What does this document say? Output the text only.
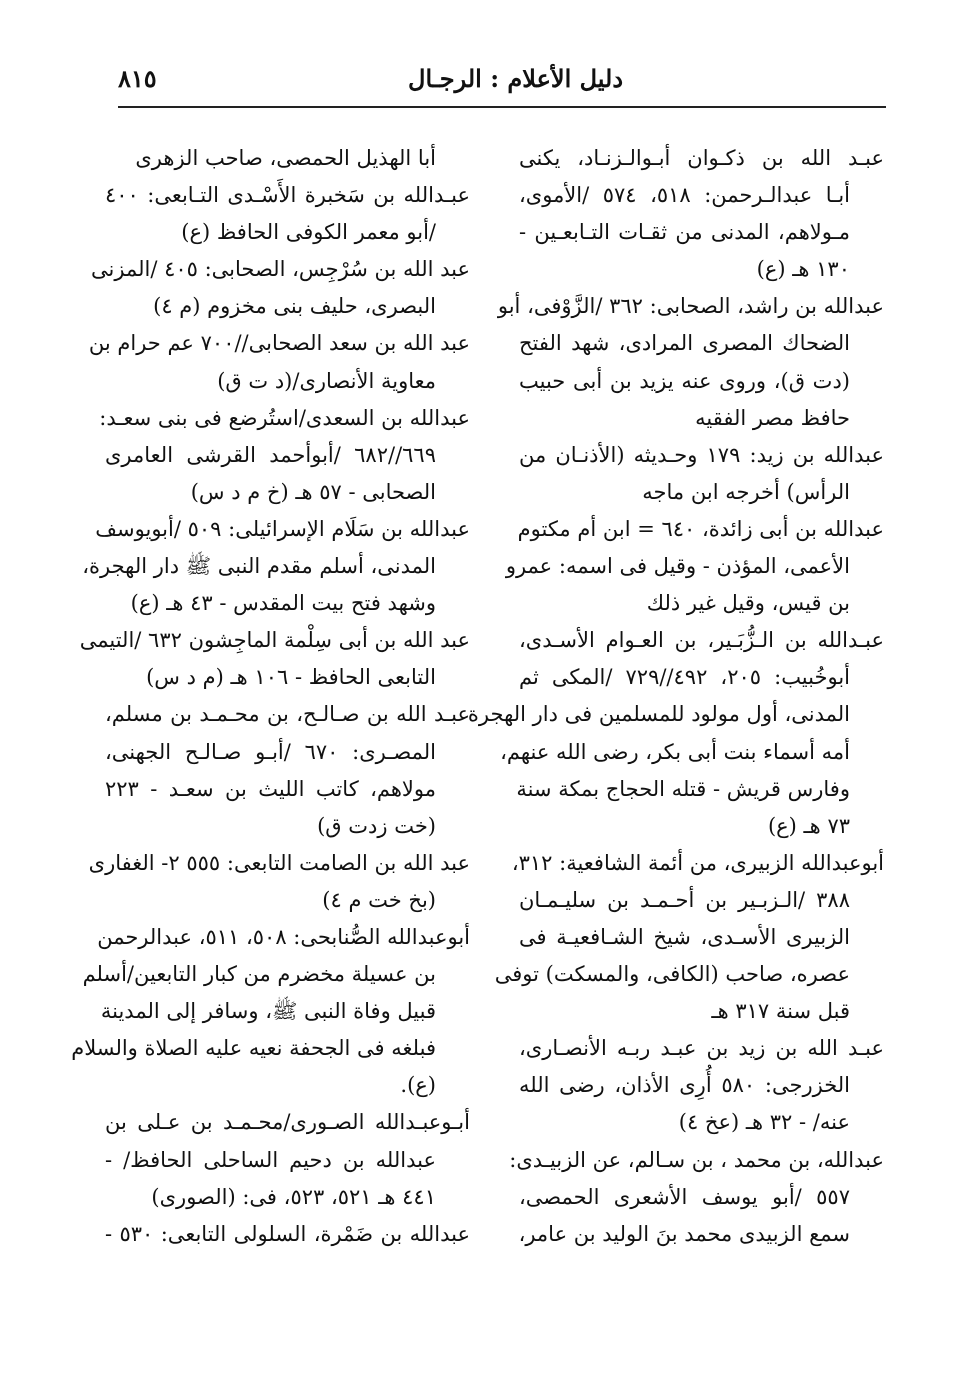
٨١٥	دليل الأعلام : الرجـال
عبـد الله بن ذكـوان أبـوالـزنـاد، يكنى
أبـا عبدالـرحمن: ٥١٨، ٥٧٤ /الأموى،
مـولاهم، المدنى من ثقـات التـابعـين -
١٣٠ هـ (ع)
عبدالله بن راشد، الصحابى: ٣٦٢ /الزَّوْفى، أبو
الضحاك المصرى المرادى، شهد الفتح
(دت ق)، وروى عنه يزيد بن أبى حبيب
حافظ مصر الفقيه
عبدالله بن زيد: ١٧٩ وحـديثه (الأذنـان من
الرأس) أخرجه ابن ماجه
عبدالله بن أبى زائدة، ٦٤٠ = ابن أم مكتوم
الأعمى، المؤذن - وقيل فى اسمه: عمرو
بن قيس، وقيل غير ذلك
عبـدالله بن الـزُّبَـير، بن العـوام الأسـدى،
أبوخُبيب: ٢٠٥، ٤٩٢//٧٢٩ /المكى ثم
المدنى، أول مولود للمسلمين فى دار الهجرة
أمه أسماء بنت أبى بكر، رضى الله عنهم،
وفارس قريش - قتله الحجاج بمكة سنة
٧٣ هـ (ع)
أبوعبدالله الزبيرى، من أئمة الشافعية: ٣١٢،
٣٨٨ /الـزبـير بن أحـمـد بن سليـمـان
الزبيرى الأسـدى، شيخ الشـافعيـة فى
عصره، صاحب (الكافى، والمسكت) توفى
قبل سنة ٣١٧ هـ
عبـد الله بن زيد بن عبـد ربـه الأنصـارى،
الخزرجى: ٥٨٠ أُرِى الأذان، رضى الله
عنه/ - ٣٢ هـ (عخ ٤)
عبدالله، بن محمد ، بن سـالم، عن الزبيـدى:
٥٥٧ /أبو يوسف الأشعرى الحمصى،
سمع الزبيدى محمد بنَ الوليد بن عامر،
أبا الهذيل الحمصى، صاحب الزهرى
عبـدالله بن سَخبرة الأَسْـدى التـابعى: ٤٠٠
/أبو معمر الكوفى الحافظ (ع)
عبد الله بن سُرْجِس، الصحابى: ٤٠٥ /المزنى
البصرى، حليف بنى مخزوم (م ٤)
عبد الله بن سعد الصحابى//٧٠٠ عم حرام بن
معاوية الأنصارى/(د ت ق)
عبدالله بن السعدى/استُرضع فى بنى سعـد:
٦٦٩//٦٨٢ /أبوأحمد القرشى العامرى
الصحابى - ٥٧ هـ (خ م د س)
عبدالله بن سَلَام الإسرائيلى: ٥٠٩ /أبويوسف
المدنى، أسلم مقدم النبى ﷺ دار الهجرة،
وشهد فتح بيت المقدس - ٤٣ هـ (ع)
عبد الله بن أبى سِلْمة الماجِشون ٦٣٢ /التيمى
التابعى الحافظ - ١٠٦ هـ (م د س)
عبـد الله بن صـالـح، بن محـمـد بن مسلم،
المصـرى: ٦٧٠ /أبـو صـالـح الجهنى،
مولاهم، كاتب الليث بن سعـد - ٢٢٣
(خت زدت ق)
عبد الله بن الصامت التابعى: ٥٥٥ ٢- الغفارى
(بخ خت م ٤)
أبوعبدالله الصُّنابحى: ٥٠٨، ٥١١، عبدالرحمن
بن عسيلة مخضرم من كبار التابعين/أسلم
قبيل وفاة النبى ﷺ، وسافر إلى المدينة
فبلغه فى الجحفة نعيه عليه الصلاة والسلام
(ع).
أبـوعبـدالله الصـورى/محـمـد بن عـلى بن
عبدالله بن دحيم الساحلى الحافظ/ -
٤٤١ هـ ٥٢١، ٥٢٣، فى: (الصورى)
عبدالله بن ضَمْرة، السلولى التابعى: ٥٣٠ -
